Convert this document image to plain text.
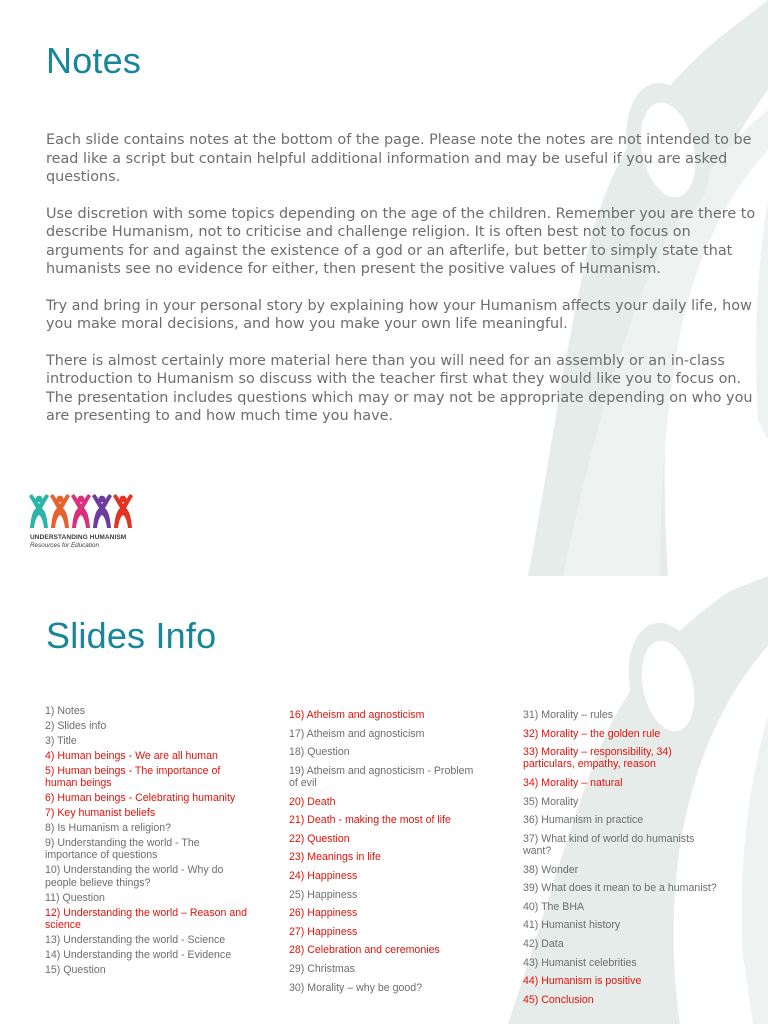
Notes

Each slide contains notes at the bottom of the page. Please note the notes are not intended to be read like a script but contain helpful additional information and may be useful if you are asked questions.

Use discretion with some topics depending on the age of the children. Remember you are there to describe Humanism, not to criticise and challenge religion. It is often best not to focus on arguments for and against the existence of a god or an afterlife, but better to simply state that humanists see no evidence for either, then present the positive values of Humanism.

Try and bring in your personal story by explaining how your Humanism affects your daily life, how you make moral decisions, and how you make your own life meaningful.

There is almost certainly more material here than you will need for an assembly or an in-class introduction to Humanism so discuss with the teacher first what they would like you to focus on. The presentation includes questions which may or may not be appropriate depending on who you are presenting to and how much time you have.

UNDERSTANDING HUMANISM
Resources for Education
Slides Info
1) Notes
2) Slides info
3) Title
4) Human beings - We are all human
5) Human beings - The importance of human beings
6) Human beings - Celebrating humanity
7) Key humanist beliefs
8) Is Humanism a religion?
9) Understanding the world - The importance of questions
10) Understanding the world - Why do people believe things?
11) Question
12) Understanding the world – Reason and science
13) Understanding the world - Science
14) Understanding the world - Evidence
15) Question
16) Atheism and agnosticism
17) Atheism and agnosticism
18) Question
19) Atheism and agnosticism - Problem of evil
20) Death
21) Death - making the most of life
22) Question
23) Meanings in life
24) Happiness
25) Happiness
26) Happiness
27) Happiness
28) Celebration and ceremonies
29) Christmas
30) Morality – why be good?
31) Morality – rules
32) Morality – the golden rule
33) Morality – responsibility, 34) particulars, empathy, reason
34) Morality – natural
35) Morality
36) Humanism in practice
37) What kind of world do humanists want?
38) Wonder
39) What does it mean to be a humanist?
40) The BHA
41) Humanist history
42) Data
43) Humanist celebrities
44) Humanism is positive
45) Conclusion
